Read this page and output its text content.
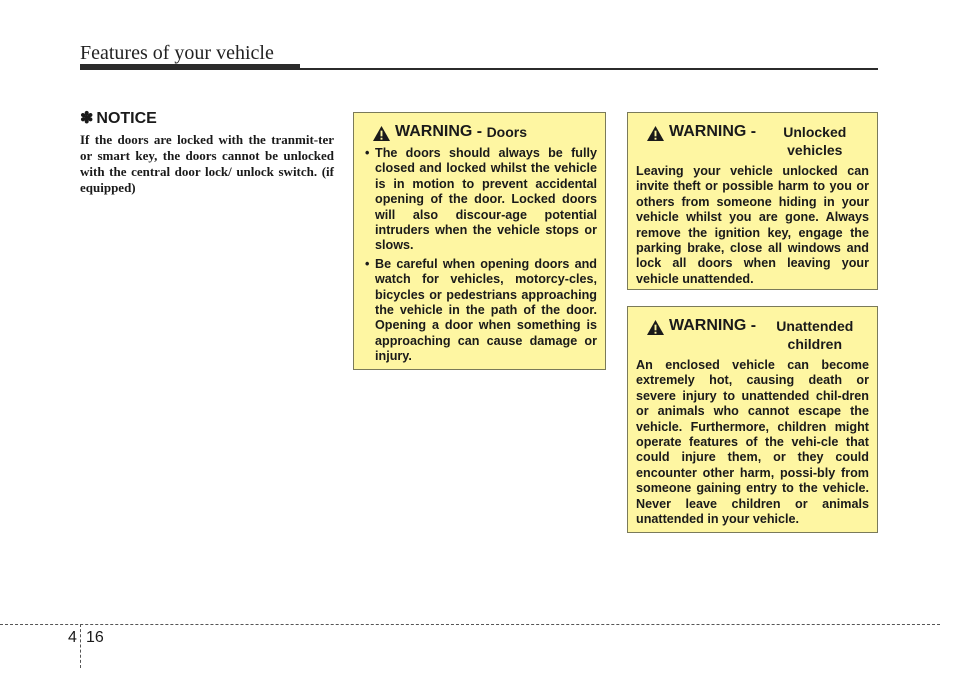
Features of your vehicle
✽ NOTICE
If the doors are locked with the tranmit-ter or smart key, the doors cannot be unlocked with the central door lock/ unlock switch. (if equipped)
WARNING -
Doors
• The doors should always be fully closed and locked whilst the vehicle is in motion to prevent accidental opening of the door. Locked doors will also discour-age potential intruders when the vehicle stops or slows.
• Be careful when opening doors and watch for vehicles, motorcy-cles, bicycles or pedestrians approaching the vehicle in the path of the door. Opening a door when something is approaching can cause damage or injury.
WARNING -
	Unlocked vehicles
Leaving your vehicle unlocked can invite theft or possible harm to you or others from someone hiding in your vehicle whilst you are gone. Always remove the ignition key, engage the parking brake, close all windows and lock all doors when leaving your vehicle unattended.
WARNING -
	Unattended children
An enclosed vehicle can become extremely hot, causing death or severe injury to unattended chil-dren or animals who cannot escape the vehicle. Furthermore, children might operate features of the vehi-cle that could injure them, or they could encounter other harm, possi-bly from someone gaining entry to the vehicle. Never leave children or animals unattended in your vehicle.
4 16
